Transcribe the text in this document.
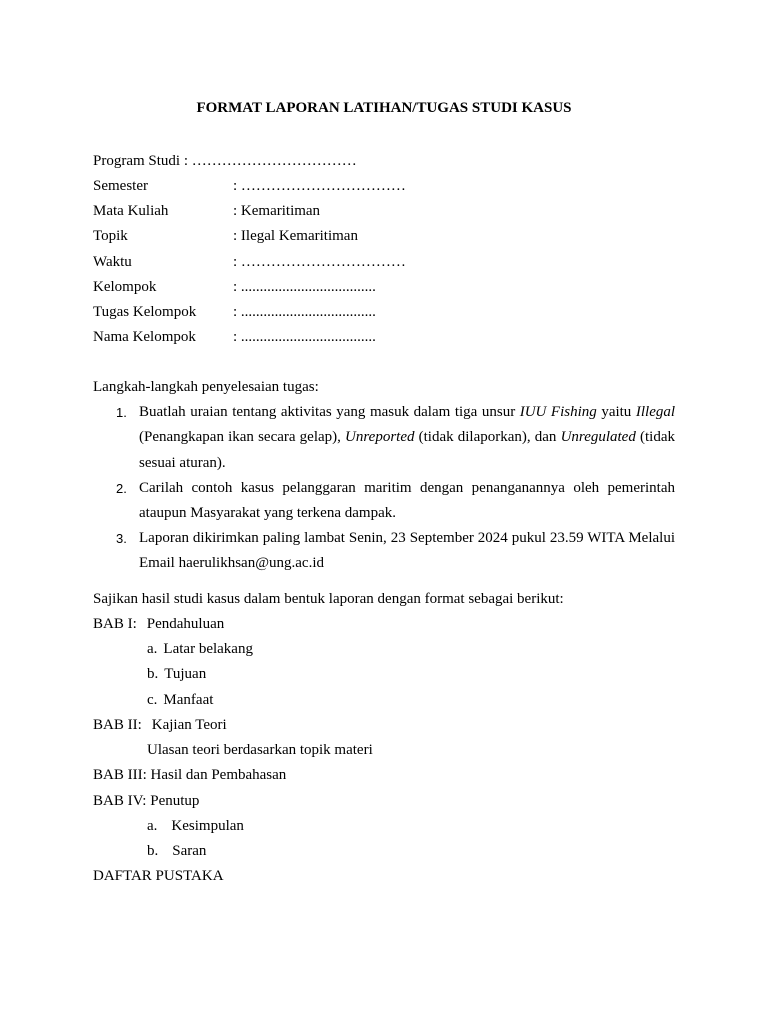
FORMAT LAPORAN LATIHAN/TUGAS STUDI KASUS
Program Studi : ……………………………
Semester	: ……………………………
Mata Kuliah	: Kemaritiman
Topik	: Ilegal Kemaritiman
Waktu	: ……………………………
Kelompok	: ....................................
Tugas Kelompok : ....................................
Nama Kelompok : ....................................
Langkah-langkah penyelesaian tugas:
1. Buatlah uraian tentang aktivitas yang masuk dalam tiga unsur IUU Fishing yaitu Illegal (Penangkapan ikan secara gelap), Unreported (tidak dilaporkan), dan Unregulated (tidak sesuai aturan).
2. Carilah contoh kasus pelanggaran maritim dengan penanganannya oleh pemerintah ataupun Masyarakat yang terkena dampak.
3. Laporan dikirimkan paling lambat Senin, 23 September 2024 pukul 23.59 WITA Melalui Email haerulikhsan@ung.ac.id
Sajikan hasil studi kasus dalam bentuk laporan dengan format sebagai berikut:
BAB I: Pendahuluan
a. Latar belakang
b. Tujuan
c. Manfaat
BAB II: Kajian Teori
Ulasan teori berdasarkan topik materi
BAB III: Hasil dan Pembahasan
BAB IV: Penutup
a. Kesimpulan
b. Saran
DAFTAR PUSTAKA
